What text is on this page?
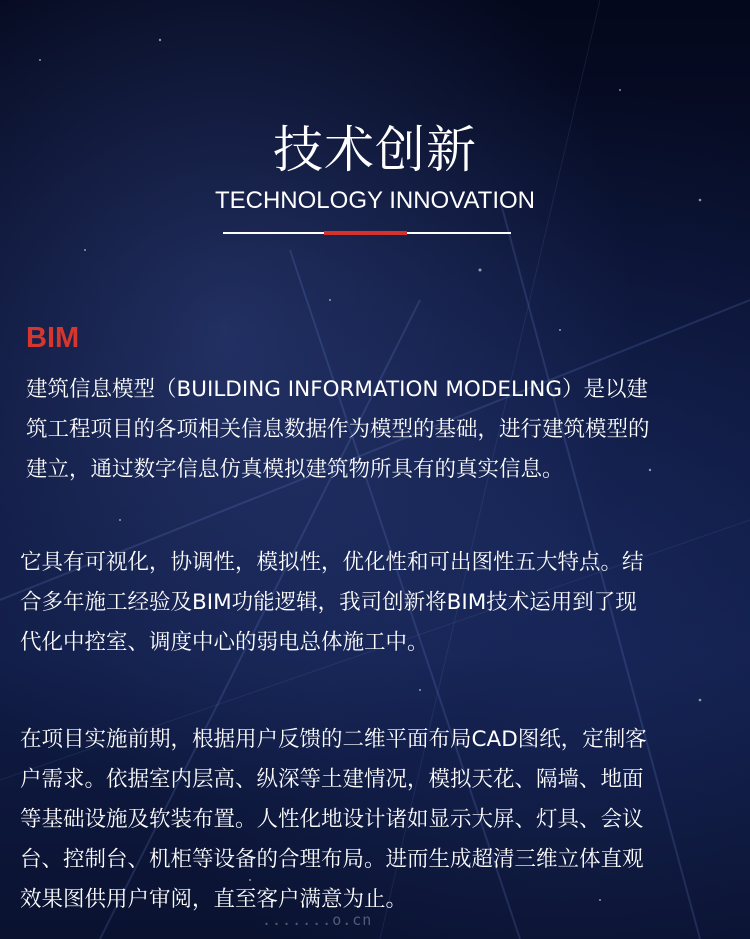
技术创新
TECHNOLOGY INNOVATION
BIM
建筑信息模型（BUILDING INFORMATION MODELING）是以建
筑工程项目的各项相关信息数据作为模型的基础，进行建筑模型的
建立，通过数字信息仿真模拟建筑物所具有的真实信息。
它具有可视化，协调性，模拟性，优化性和可出图性五大特点。结
合多年施工经验及BIM功能逻辑，我司创新将BIM技术运用到了现
代化中控室、调度中心的弱电总体施工中。
在项目实施前期，根据用户反馈的二维平面布局CAD图纸，定制客
户需求。依据室内层高、纵深等土建情况，模拟天花、隔墙、地面
等基础设施及软装布置。人性化地设计诸如显示大屏、灯具、会议
台、控制台、机柜等设备的合理布局。进而生成超清三维立体直观
效果图供用户审阅，直至客户满意为止。
.......o.cn
